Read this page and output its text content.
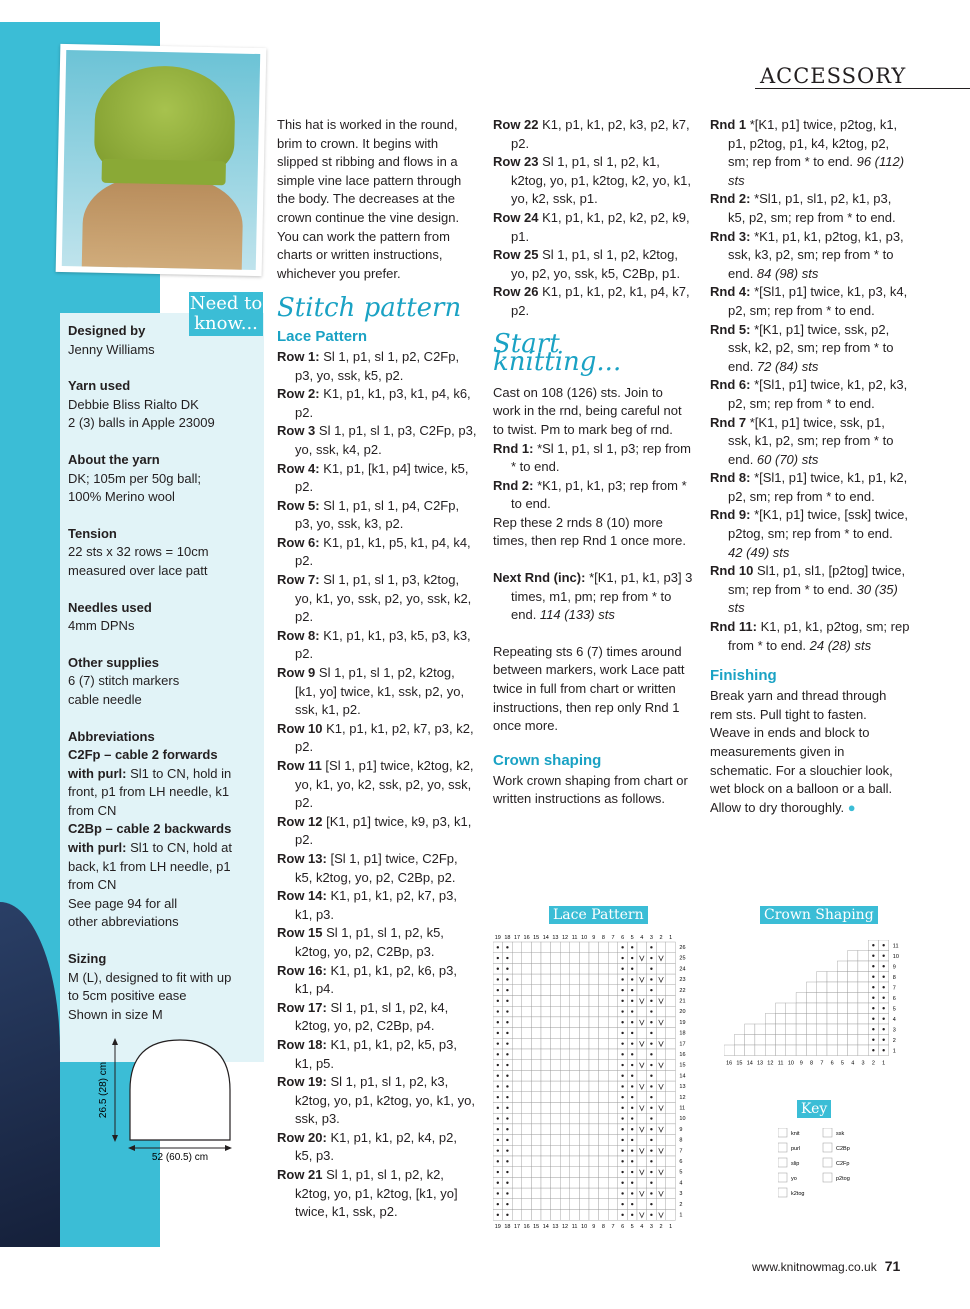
ACCESSORY
Need to
know...
Designed by
Jenny Williams
Yarn used
Debbie Bliss Rialto DK
2 (3) balls in Apple 23009
About the yarn
DK; 105m per 50g ball;
100% Merino wool
Tension
22 sts x 32 rows = 10cm
measured over lace patt
Needles used
4mm DPNs
Other supplies
6 (7) stitch markers
cable needle
Abbreviations
C2Fp – cable 2 forwards
with purl: Sl1 to CN, hold in
front, p1 from LH needle, k1
from CN
C2Bp – cable 2 backwards
with purl: Sl1 to CN, hold at
back, k1 from LH needle, p1
from CN
See page 94 for all
other abbreviations
Sizing
M (L), designed to fit with up
to 5cm positive ease
Shown in size M
26.5 (28) cm
52 (60.5) cm

This hat is worked in the round, brim to crown. It begins with slipped st ribbing and flows in a simple vine lace pattern through the body. The decreases at the crown continue the vine design. You can work the pattern from charts or written instructions, whichever you prefer.

Stitch pattern
Lace Pattern

Row 1: Sl 1, p1, sl 1, p2, C2Fp, p3, yo, ssk, k5, p2.

Row 2: K1, p1, k1, p3, k1, p4, k6, p2.

Row 3 Sl 1, p1, sl 1, p3, C2Fp, p3, yo, ssk, k4, p2.

Row 4: K1, p1, [k1, p4] twice, k5, p2.

Row 5: Sl 1, p1, sl 1, p4, C2Fp, p3, yo, ssk, k3, p2.

Row 6: K1, p1, k1, p5, k1, p4, k4, p2.

Row 7: Sl 1, p1, sl 1, p3, k2tog, yo, k1, yo, ssk, p2, yo, ssk, k2, p2.

Row 8: K1, p1, k1, p3, k5, p3, k3, p2.

Row 9 Sl 1, p1, sl 1, p2, k2tog, [k1, yo] twice, k1, ssk, p2, yo, ssk, k1, p2.

Row 10 K1, p1, k1, p2, k7, p3, k2, p2.

Row 11 [Sl 1, p1] twice, k2tog, k2, yo, k1, yo, k2, ssk, p2, yo, ssk, p2.

Row 12 [K1, p1] twice, k9, p3, k1, p2.

Row 13: [Sl 1, p1] twice, C2Fp, k5, k2tog, yo, p2, C2Bp, p2.

Row 14: K1, p1, k1, p2, k7, p3, k1, p3.

Row 15 Sl 1, p1, sl 1, p2, k5, k2tog, yo, p2, C2Bp, p3.

Row 16: K1, p1, k1, p2, k6, p3, k1, p4.

Row 17: Sl 1, p1, sl 1, p2, k4, k2tog, yo, p2, C2Bp, p4.

Row 18: K1, p1, k1, p2, k5, p3, k1, p5.

Row 19: Sl 1, p1, sl 1, p2, k3, k2tog, yo, p1, k2tog, yo, k1, yo, ssk, p3.

Row 20: K1, p1, k1, p2, k4, p2, k5, p3.

Row 21 Sl 1, p1, sl 1, p2, k2, k2tog, yo, p1, k2tog, [k1, yo] twice, k1, ssk, p2.

Row 22 K1, p1, k1, p2, k3, p2, k7, p2.

Row 23 Sl 1, p1, sl 1, p2, k1, k2tog, yo, p1, k2tog, k2, yo, k1, yo, k2, ssk, p1.

Row 24 K1, p1, k1, p2, k2, p2, k9, p1.

Row 25 Sl 1, p1, sl 1, p2, k2tog, yo, p2, yo, ssk, k5, C2Bp, p1.

Row 26 K1, p1, k1, p2, k1, p4, k7, p2.

Start knitting...

Cast on 108 (126) sts. Join to work in the rnd, being careful not to twist. Pm to mark beg of rnd.

Rnd 1: *Sl 1, p1, sl 1, p3; rep from * to end.

Rnd 2: *K1, p1, k1, p3; rep from * to end.

Rep these 2 rnds 8 (10) more times, then rep Rnd 1 once more.

Next Rnd (inc): *[K1, p1, k1, p3] 3 times, m1, pm; rep from * to end. 114 (133) sts

Repeating sts 6 (7) times around between markers, work Lace patt twice in full from chart or written instructions, then rep only Rnd 1 once more.

Crown shaping

Work crown shaping from chart or written instructions as follows.

Rnd 1 *[K1, p1] twice, p2tog, k1, p1, p2tog, p1, k4, k2tog, p2, sm; rep from * to end. 96 (112) sts

Rnd 2: *Sl1, p1, sl1, p2, k1, p3, k5, p2, sm; rep from * to end.

Rnd 3: *K1, p1, k1, p2tog, k1, p3, ssk, k3, p2, sm; rep from * to end. 84 (98) sts

Rnd 4: *[Sl1, p1] twice, k1, p3, k4, p2, sm; rep from * to end.

Rnd 5: *[K1, p1] twice, ssk, p2, ssk, k2, p2, sm; rep from * to end. 72 (84) sts

Rnd 6: *[Sl1, p1] twice, k1, p2, k3, p2, sm; rep from * to end.

Rnd 7 *[K1, p1] twice, ssk, p1, ssk, k1, p2, sm; rep from * to end. 60 (70) sts

Rnd 8: *[Sl1, p1] twice, k1, p1, k2, p2, sm; rep from * to end.

Rnd 9: *[K1, p1] twice, [ssk] twice, p2tog, sm; rep from * to end. 42 (49) sts

Rnd 10 Sl1, p1, sl1, [p2tog] twice, sm; rep from * to end. 30 (35) sts

Rnd 11: K1, p1, k1, p2tog, sm; rep from * to end. 24 (28) sts

Finishing

Break yarn and thread through rem sts. Pull tight to fasten. Weave in ends and block to measurements given in schematic. For a slouchier look, wet block on a balloon or a ball. Allow to dry thoroughly. ●

Lace Pattern	Crown Shaping
Key
19
19
18
18
17
17
16
16
15
15
14
14
13
13
12
12
11
11
10
10
9
9
8
8
7
7
6
6
5
5
4
4
3
3
2
2
1
1
26
25
24
23
22
21
20
19
18
17
16
15
14
13
12
11
10
9
8
7
6
5
4
3
2
1
11
10
9
8
7
6
5
4
3
2
1
16 15 14 13 12 11 10 9 8 7 6 5 4 3 2 1
knit
purl
slip
yo
k2tog
ssk
C2Bp
C2Fp
p2tog
www.knitnowmag.co.uk 71
